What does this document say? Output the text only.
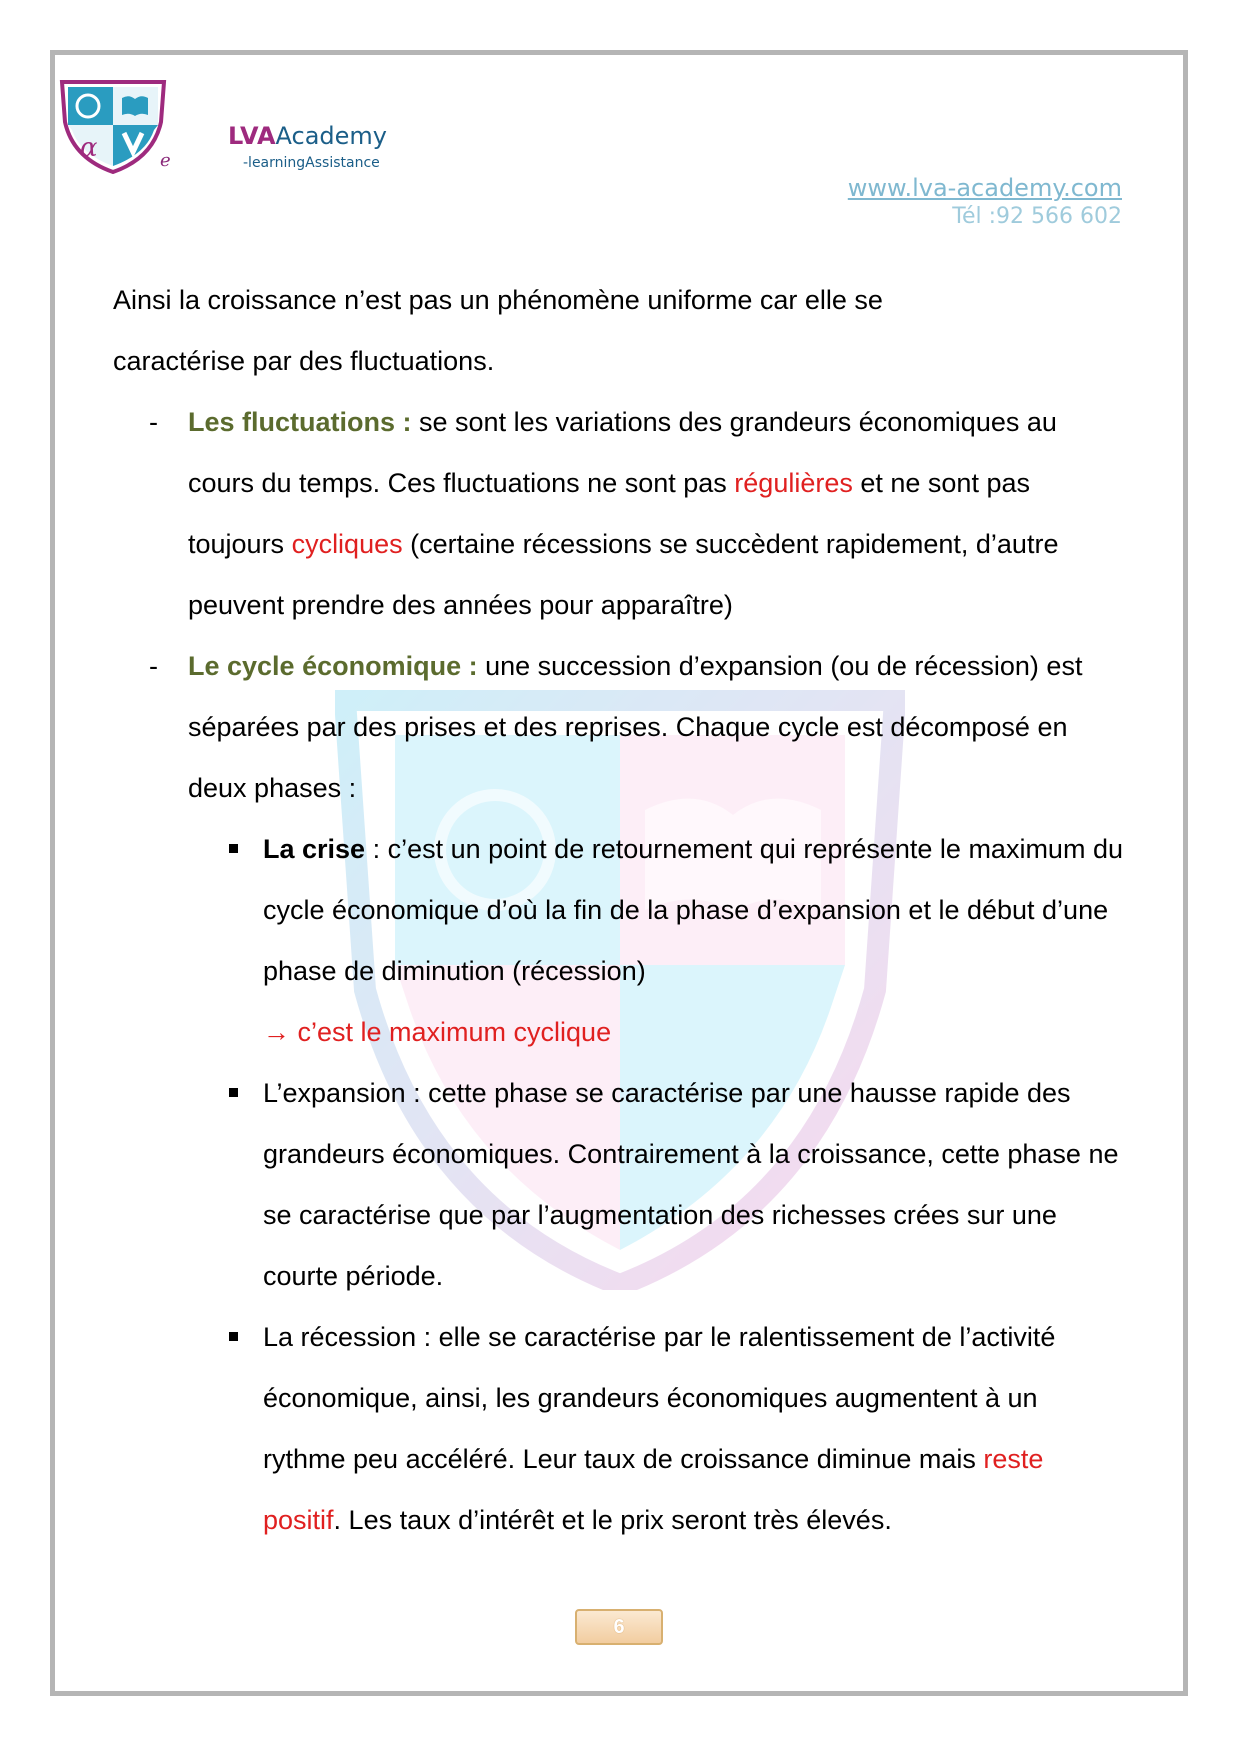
α	e
LVAAcademy
-learningAssistance
www.lva-academy.com
Tél :92 566 602

Ainsi la croissance n’est pas un phénomène uniforme car elle se

caractérise par des fluctuations.

- Les fluctuations : se sont les variations des grandeurs économiques au cours du temps. Ces fluctuations ne sont pas régulières et ne sont pas toujours cycliques (certaine récessions se succèdent rapidement, d’autre peuvent prendre des années pour apparaître)

- Le cycle économique : une succession d’expansion (ou de récession) est séparées par des prises et des reprises. Chaque cycle est décomposé en deux phases :

La crise : c’est un point de retournement qui représente le maximum du cycle économique d’où la fin de la phase d’expansion et le début d’une phase de diminution (récession)
→ c’est le maximum cyclique

L’expansion : cette phase se caractérise par une hausse rapide des grandeurs économiques. Contrairement à la croissance, cette phase ne se caractérise que par l’augmentation des richesses crées sur une courte période.

La récession : elle se caractérise par le ralentissement de l’activité économique, ainsi, les grandeurs économiques augmentent à un rythme peu accéléré. Leur taux de croissance diminue mais reste positif. Les taux d’intérêt et le prix seront très élevés.

6
